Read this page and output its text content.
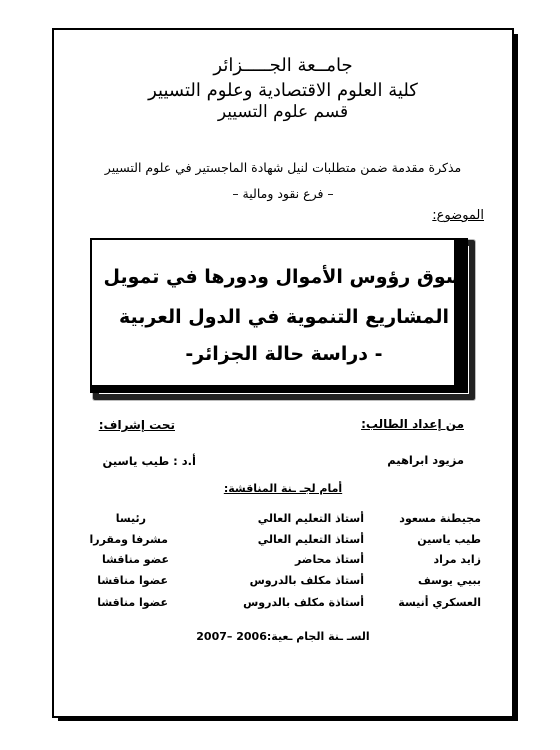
جامــعة الجـــــزائر
كلية العلوم الاقتصادية وعلوم التسيير
قسم علوم التسيير
مذكرة مقدمة ضمن متطلبات لنيل شهادة الماجستير في علوم التسيير
– فرع نقود ومالية –
الموضوع:
سوق رؤوس الأموال ودورها في تمويل
المشاريع التنموية في الدول العربية
- دراسة حالة الجزائر-
من إعداد الطالب:
تحت إشراف:
مزيود ابراهيم
أ.د : طيب ياسين
أمام لجـ ـنة المناقشة:
مجيطنة مسعود
أستاذ التعليم العالي
رئيسا
طيب ياسين
أستاذ التعليم العالي
مشرفا ومقررا
زايد مراد
أستاذ محاضر
عضو مناقشا
ببيي يوسف
أستاذ مكلف بالدروس
عضوا مناقشا
العسكري أنيسة
أستاذة مكلف بالدروس
عضوا مناقشا
السـ ـنة الجام ـعية:2006 –2007
